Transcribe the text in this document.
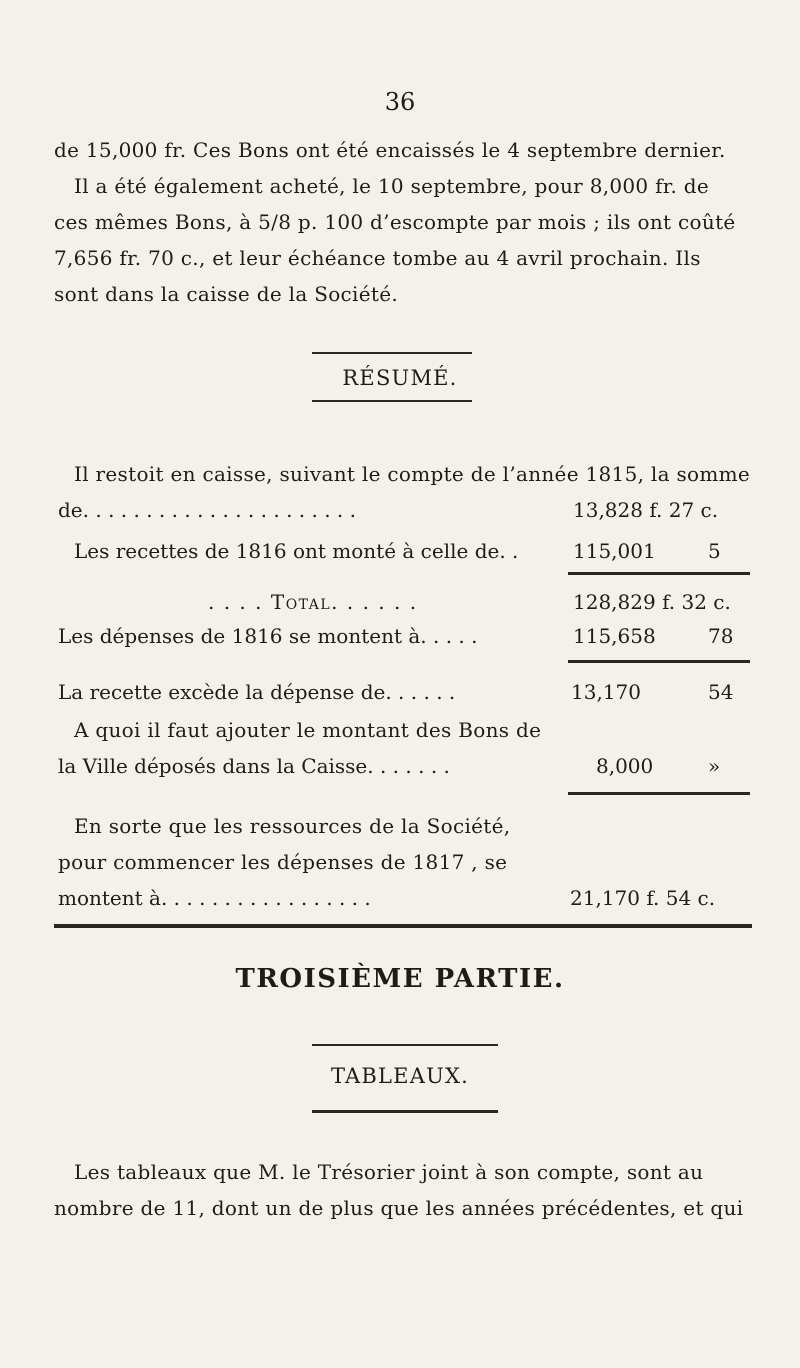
36
de 15,000 fr. Ces Bons ont été encaissés le 4 septembre dernier.
Il a été également acheté, le 10 septembre, pour 8,000 fr. de
ces mêmes Bons, à 5/8 p. 100 d’escompte par mois ; ils ont coûté
7,656 fr. 70 c., et leur échéance tombe au 4 avril prochain. Ils
sont dans la caisse de la Société.
RÉSUMÉ.
Il restoit en caisse, suivant le compte de l’année 1815, la somme
de. . . . . . . . . . . . . . . . . . . . . .	13,828 f. 27 c.
Les recettes de 1816 ont monté à celle de. .	115,001	5
. . . . Total. . . . . .	128,829 f. 32 c.
Les dépenses de 1816 se montent à. . . . .	115,658	78
La recette excède la dépense de. . . . . .	13,170	54
A quoi il faut ajouter le montant des Bons de
la Ville déposés dans la Caisse. . . . . . .	8,000	»
En sorte que les ressources de la Société,
pour commencer les dépenses de 1817 , se
montent à. . . . . . . . . . . . . . . . .	21,170 f. 54 c.
TROISIÈME PARTIE.
TABLEAUX.
Les tableaux que M. le Trésorier joint à son compte, sont au
nombre de 11, dont un de plus que les années précédentes, et qui
